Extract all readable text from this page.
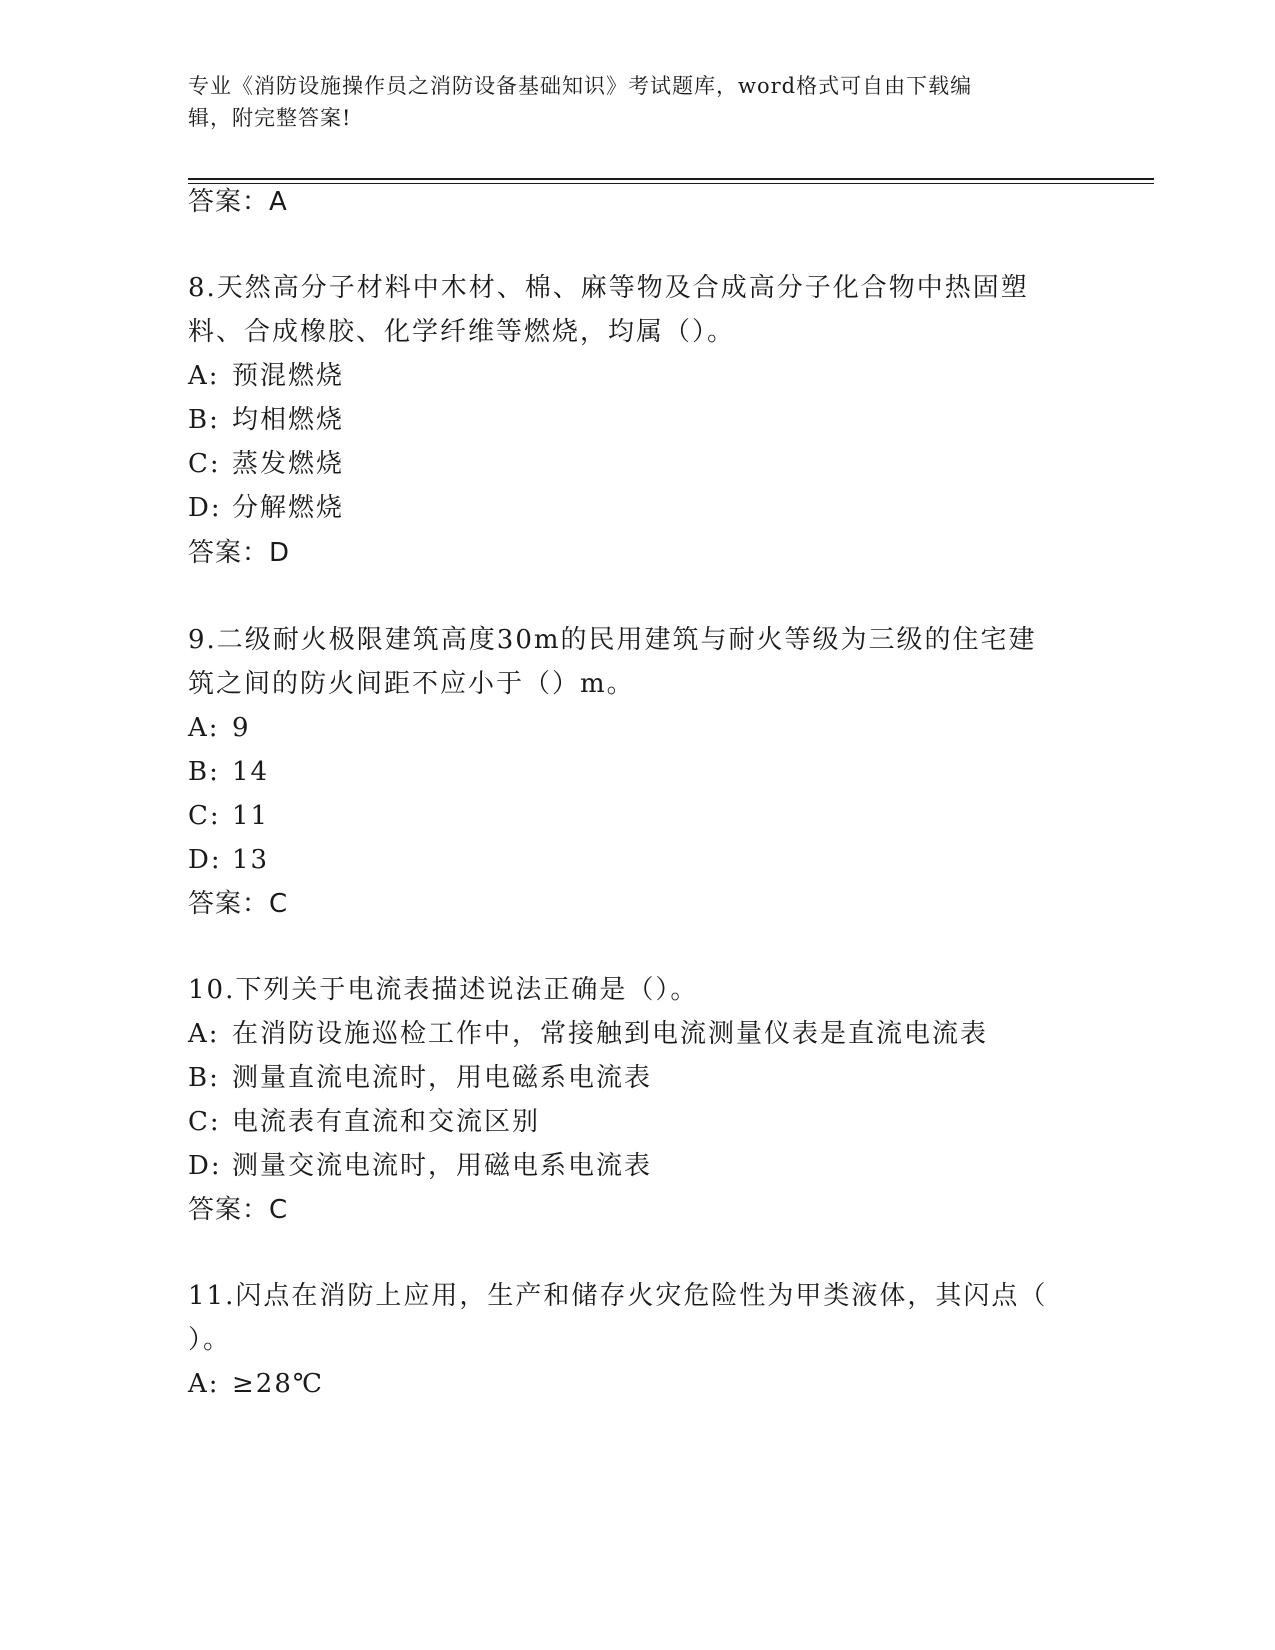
专业《消防设施操作员之消防设备基础知识》考试题库，word格式可自由下载编
辑，附完整答案!
答案：A
8.天然高分子材料中木材、棉、麻等物及合成高分子化合物中热固塑
料、合成橡胶、化学纤维等燃烧，均属（）。
A: 预混燃烧
B: 均相燃烧
C: 蒸发燃烧
D: 分解燃烧
答案：D
9.二级耐火极限建筑高度30m的民用建筑与耐火等级为三级的住宅建
筑之间的防火间距不应小于（）m。
A: 9
B: 14
C: 11
D: 13
答案：C
10.下列关于电流表描述说法正确是（）。
A: 在消防设施巡检工作中，常接触到电流测量仪表是直流电流表
B: 测量直流电流时，用电磁系电流表
C: 电流表有直流和交流区别
D: 测量交流电流时，用磁电系电流表
答案：C
11.闪点在消防上应用，生产和储存火灾危险性为甲类液体，其闪点（
）。
A: ≥28℃
